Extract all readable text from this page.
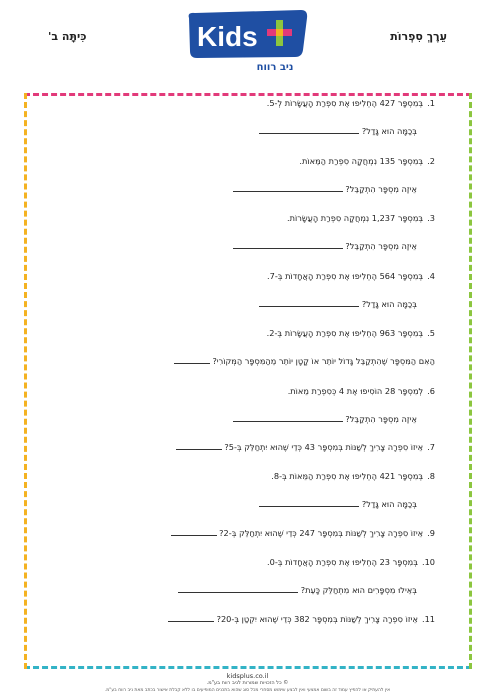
עֵרֶךְ סִפְרוֹת
כִּיתָּה ב'	Kids
ניב רווח
1.בְּמִסְפָּר 427 הֶחְלִיפוּ אֶת סִפְרַת הָעֲשָׂרוֹת לְ-5.
בְּכַמָּה הוּא גָּדַל?
2.בְּמִסְפָּר 135 נִמְחֲקָה סִפְרַת הַמֵּאוֹת.
אֵיזֶה מִסְפָּר הִתְקַבֵּל?
3.בְּמִסְפָּר 1,237 נִמְחֲקָה סִפְרַת הָעֲשָׂרוֹת.
אֵיזֶה מִסְפָּר הִתְקַבֵּל?
4.בְּמִסְפָּר 564 הֶחְלִיפוּ אֶת סִפְרַת הָאֲחָדוֹת בְּ-7.
בְּכַמָּה הוּא גָּדַל?
5.בְּמִסְפָּר 963 הֶחְלִיפוּ אֶת סִפְרַת הָעֲשָׂרוֹת בְּ-2.
הַאִם הַמִּסְפָּר שֶׁהִתְקַבֵּל גָּדוֹל יוֹתֵר אוֹ קָטָן יוֹתֵר מֵהַמִּסְפָּר הַמְּקוֹרִי?
6.לְמִסְפָּר 28 הוֹסִיפוּ אֶת 4 כְּסִפְרַת מֵאוֹת.
אֵיזֶה מִסְפָּר הִתְקַבֵּל?
7.אֵיזוֹ סִפְרָה צָרִיךְ לְשַׁנּוֹת בְּמִסְפָּר 43 כְּדֵי שֶׁהוּא יִתְחַלֵּק בְּ-5?
8.בְּמִסְפָּר 421 הֶחְלִיפוּ אֶת סִפְרַת הַמֵּאוֹת בְּ-8.
בְּכַמָּה הוּא גָּדַל?
9.אֵיזוֹ סִפְרָה צָרִיךְ לְשַׁנּוֹת בְּמִסְפָּר 247 כְּדֵי שֶׁהוּא יִתְחַלֵּק בְּ-2?
10.בְּמִסְפָּר 23 הֶחְלִיפוּ אֶת סִפְרַת הָאֲחָדוֹת בְּ-0.
בְּאֵילוּ מִסְפָּרִים הוּא מִתְחַלֵּק כָּעֵת?
11.אֵיזוֹ סִפְרָה צָרִיךְ לְשַׁנּוֹת בְּמִסְפָּר 382 כְּדֵי שֶׁהוּא יִקְטַן בְּ-20?
kidsplus.co.il
© כל הזכויות שמורות לניב רווח בע"מ.
אין להעתיק או להפיץ עמוד זה בשום אמצעי ואין לבצע שימוש מסחרי מכל סוג שהוא בתכנים המופיעים בו ללא קבלת אישור בכתב מאת ניב רווח בע"מ.
